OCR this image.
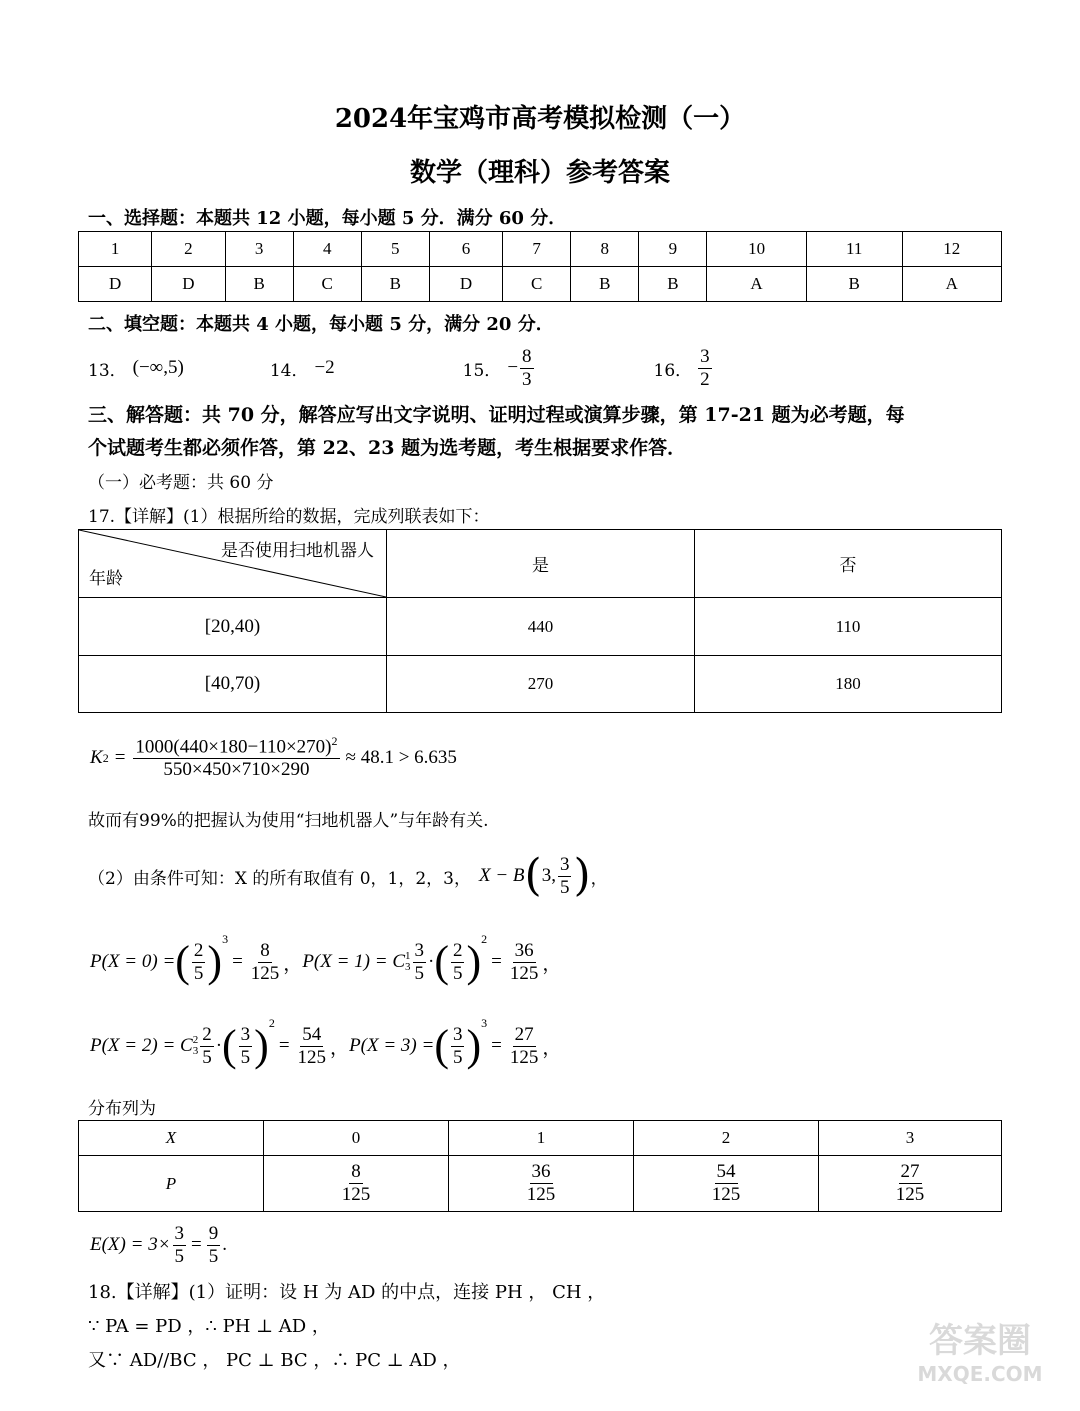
2024年宝鸡市高考模拟检测（一）
数学（理科）参考答案
一、选择题：本题共 12 小题，每小题 5 分．满分 60 分．
1	2	3	4	5	6	7	8	9	10	11	12
D	D	B	C	B	D	C	B	B	A	B	A
二、填空题：本题共 4 小题，每小题 5 分，满分 20 分．
13． (−∞,5)	14． −2	15． − $\frac{8}{3}$	16． $\frac{3}{2}$
三、解答题：共 70 分，解答应写出文字说明、证明过程或演算步骤，第 17-21 题为必考题，每
个试题考生都必须作答，第 22、23 题为选考题，考生根据要求作答．
（一）必考题：共 60 分
17.【详解】(1）根据所给的数据，完成列联表如下：
是否使用扫地机器人
年龄	是	否
[20,40)	440	110
[40,70)	270	180
K $2 = \frac{1000(440\times 180-110\times 270)^2}{550\times 450\times 710\times 290} \approx 48.1 > 6.635$
故而有99%的把握认为使用“扫地机器人”与年龄有关.
（2）由条件可知：X 的所有取值有 0，1，2，3， X − B ( 3, $\frac{3}{5}$ ) ，
P(X = 0) = ( $\frac{2}{5} )^3$
= $\frac{8}{125}$ ， P(X = 1) = C 1
$3 \frac{3}{5}$ · ( $\frac{2}{5} )^2$
= $\frac{36}{125}$ ，
P(X = 2) = C 2
$3 \frac{2}{5}$ · ( $\frac{3}{5} )^2$
= $\frac{54}{125}$ ， P(X = 3) = ( $\frac{3}{5} )^3$
= $\frac{27}{125}$ ，
分布列为
X	0	1	2	3
P	$\frac{8}{125}$	$\frac{36}{125}$	$\frac{54}{125}$	$\frac{27}{125}$
$E(X) = 3\times \frac{3}{5} = \frac{9}{5}$ .
18.【详解】(1）证明：设 H 为 AD 的中点，连接 PH ， CH ，
∵ PA = PD ，∴ PH ⊥ AD ，
又∵ AD//BC ， PC ⊥ BC ，∴ PC ⊥ AD ，	答案圈
MXQE.COM
